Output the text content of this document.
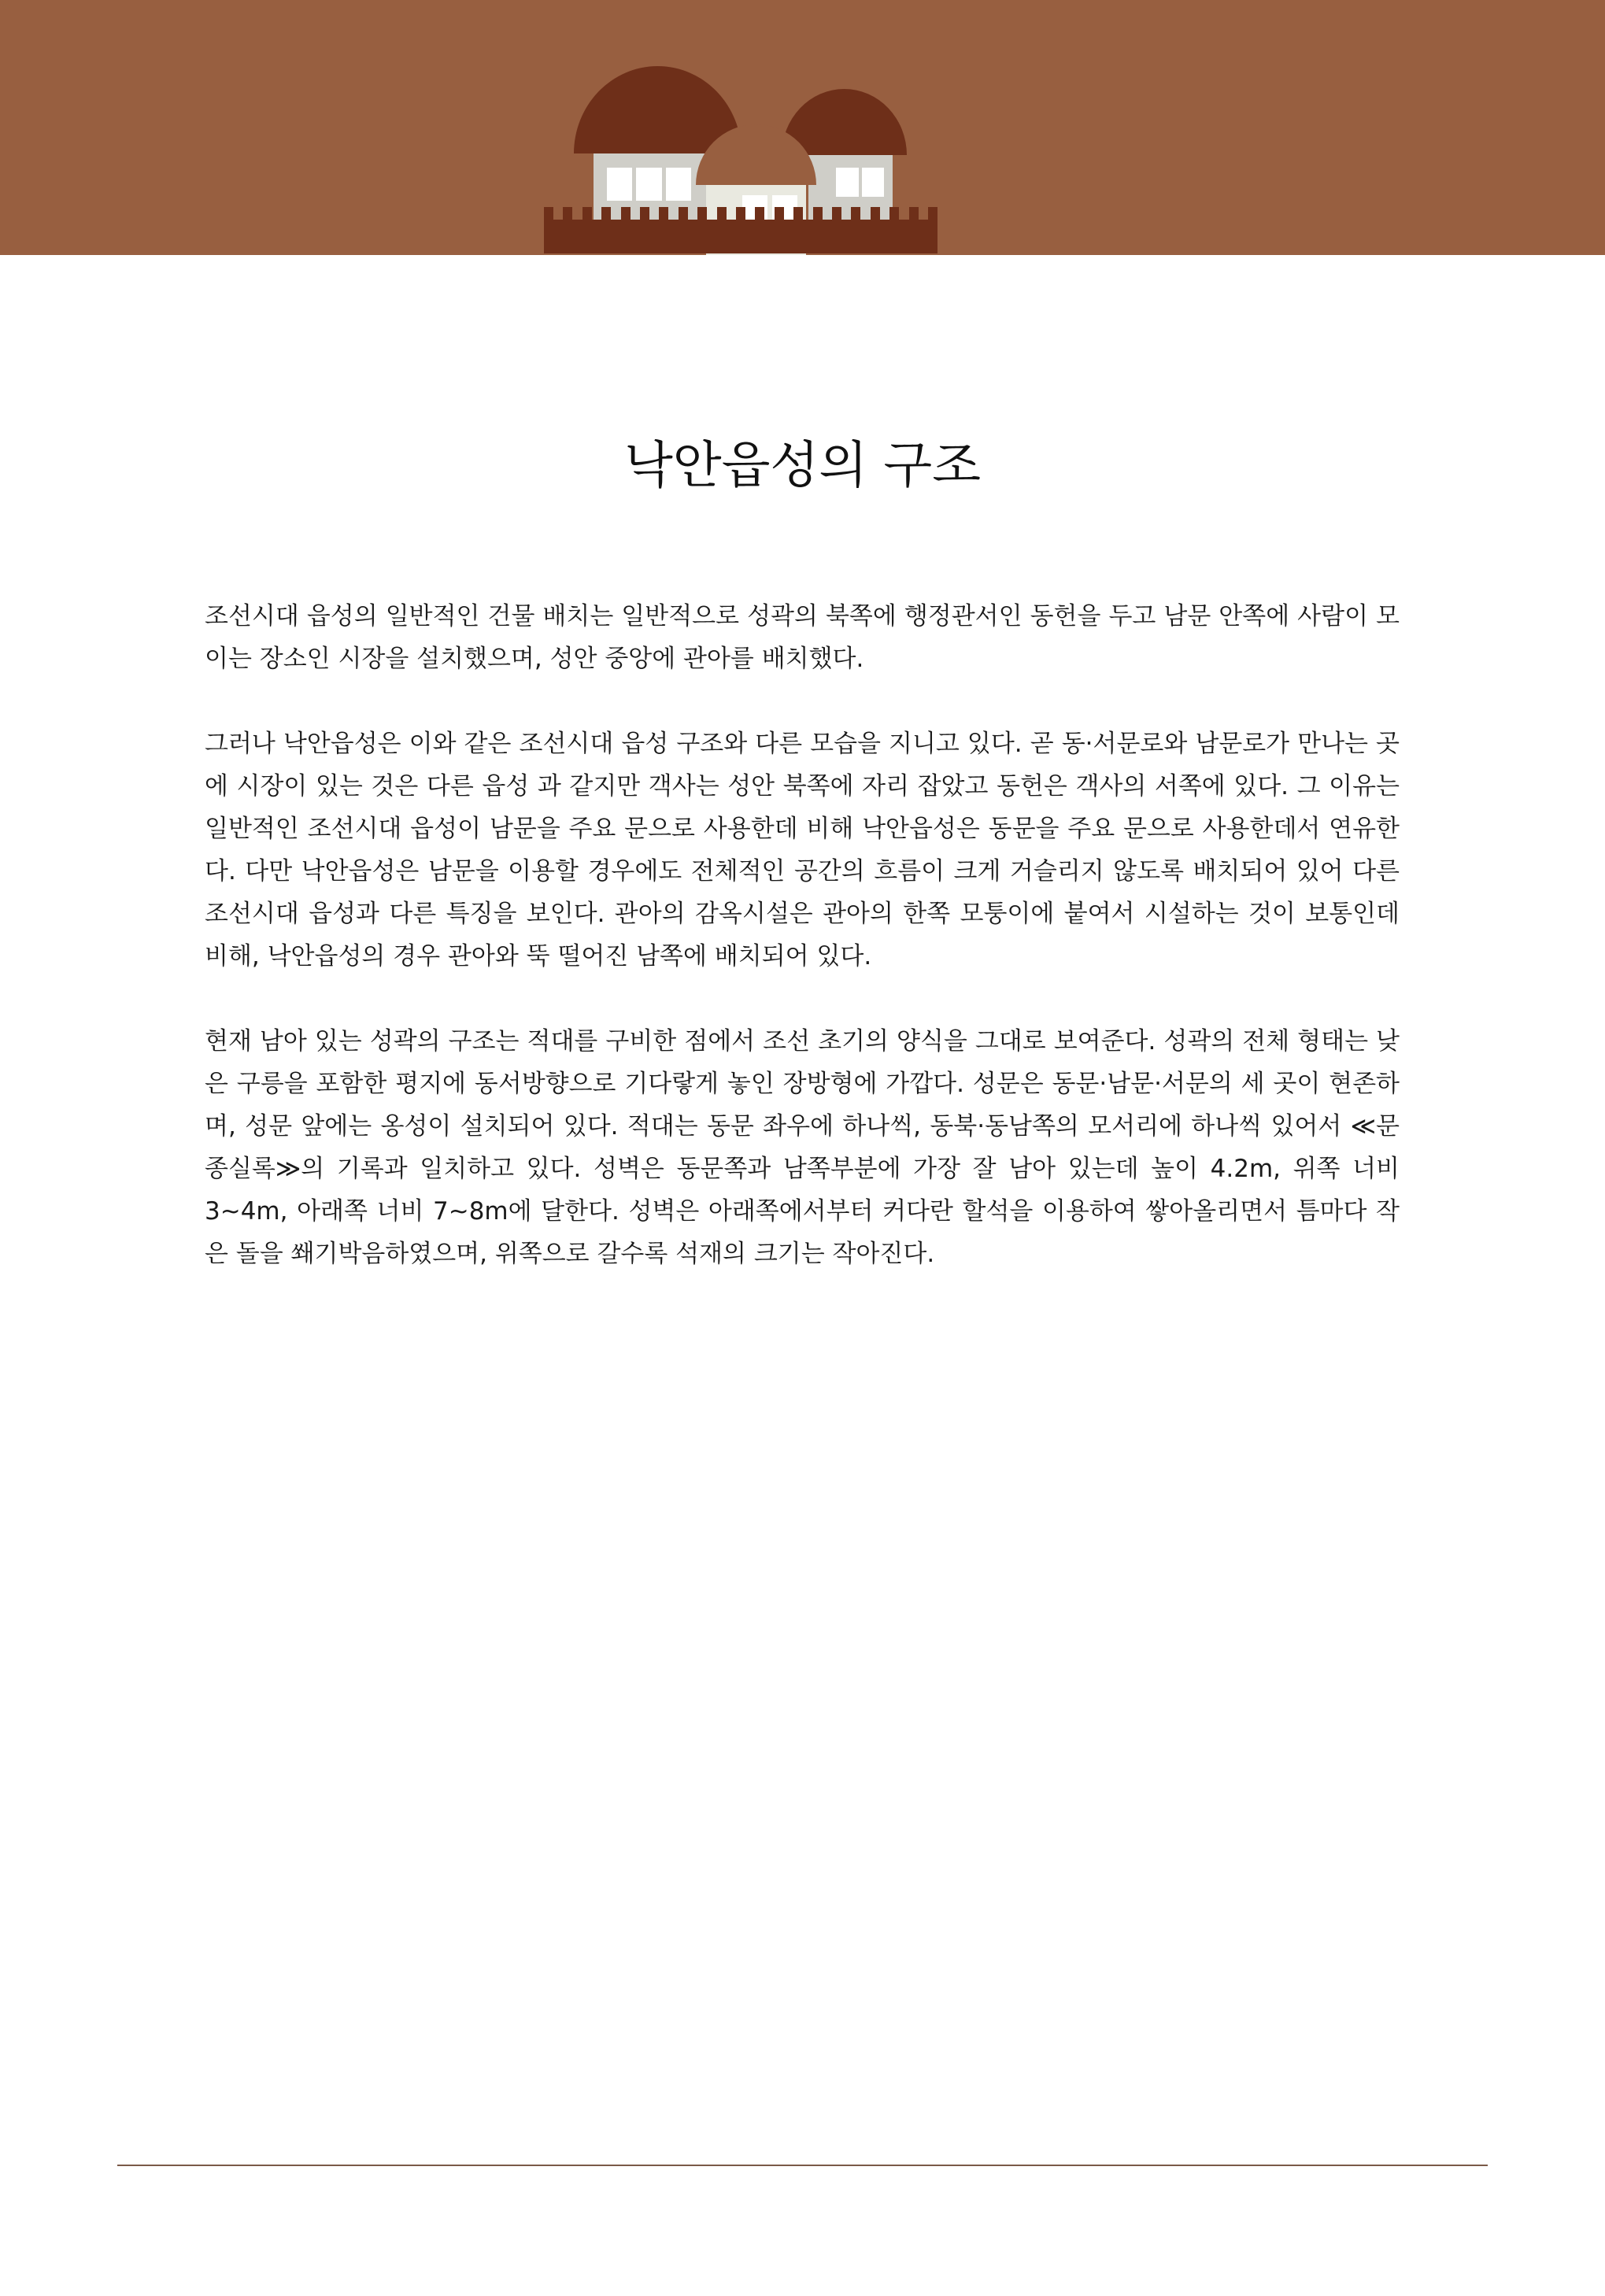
낙안읍성의 구조

조선시대 읍성의 일반적인 건물 배치는 일반적으로 성곽의 북쪽에 행정관서인 동헌을 두고 남문 안쪽에 사람이 모이는 장소인 시장을 설치했으며, 성안 중앙에 관아를 배치했다.

그러나 낙안읍성은 이와 같은 조선시대 읍성 구조와 다른 모습을 지니고 있다. 곧 동·서문로와 남문로가 만나는 곳에 시장이 있는 것은 다른 읍성 과 같지만 객사는 성안 북쪽에 자리 잡았고 동헌은 객사의 서쪽에 있다. 그 이유는 일반적인 조선시대 읍성이 남문을 주요 문으로 사용한데 비해 낙안읍성은 동문을 주요 문으로 사용한데서 연유한다. 다만 낙안읍성은 남문을 이용할 경우에도 전체적인 공간의 흐름이 크게 거슬리지 않도록 배치되어 있어 다른 조선시대 읍성과 다른 특징을 보인다. 관아의 감옥시설은 관아의 한쪽 모퉁이에 붙여서 시설하는 것이 보통인데 비해, 낙안읍성의 경우 관아와 뚝 떨어진 남쪽에 배치되어 있다.

현재 남아 있는 성곽의 구조는 적대를 구비한 점에서 조선 초기의 양식을 그대로 보여준다. 성곽의 전체 형태는 낮은 구릉을 포함한 평지에 동서방향으로 기다랗게 놓인 장방형에 가깝다. 성문은 동문·남문·서문의 세 곳이 현존하며, 성문 앞에는 옹성이 설치되어 있다. 적대는 동문 좌우에 하나씩, 동북·동남쪽의 모서리에 하나씩 있어서 ≪문종실록≫의 기록과 일치하고 있다. 성벽은 동문쪽과 남쪽부분에 가장 잘 남아 있는데 높이 4.2m, 위쪽 너비 3~4m, 아래쪽 너비 7~8m에 달한다. 성벽은 아래쪽에서부터 커다란 할석을 이용하여 쌓아올리면서 틈마다 작은 돌을 쐐기박음하였으며, 위쪽으로 갈수록 석재의 크기는 작아진다.
